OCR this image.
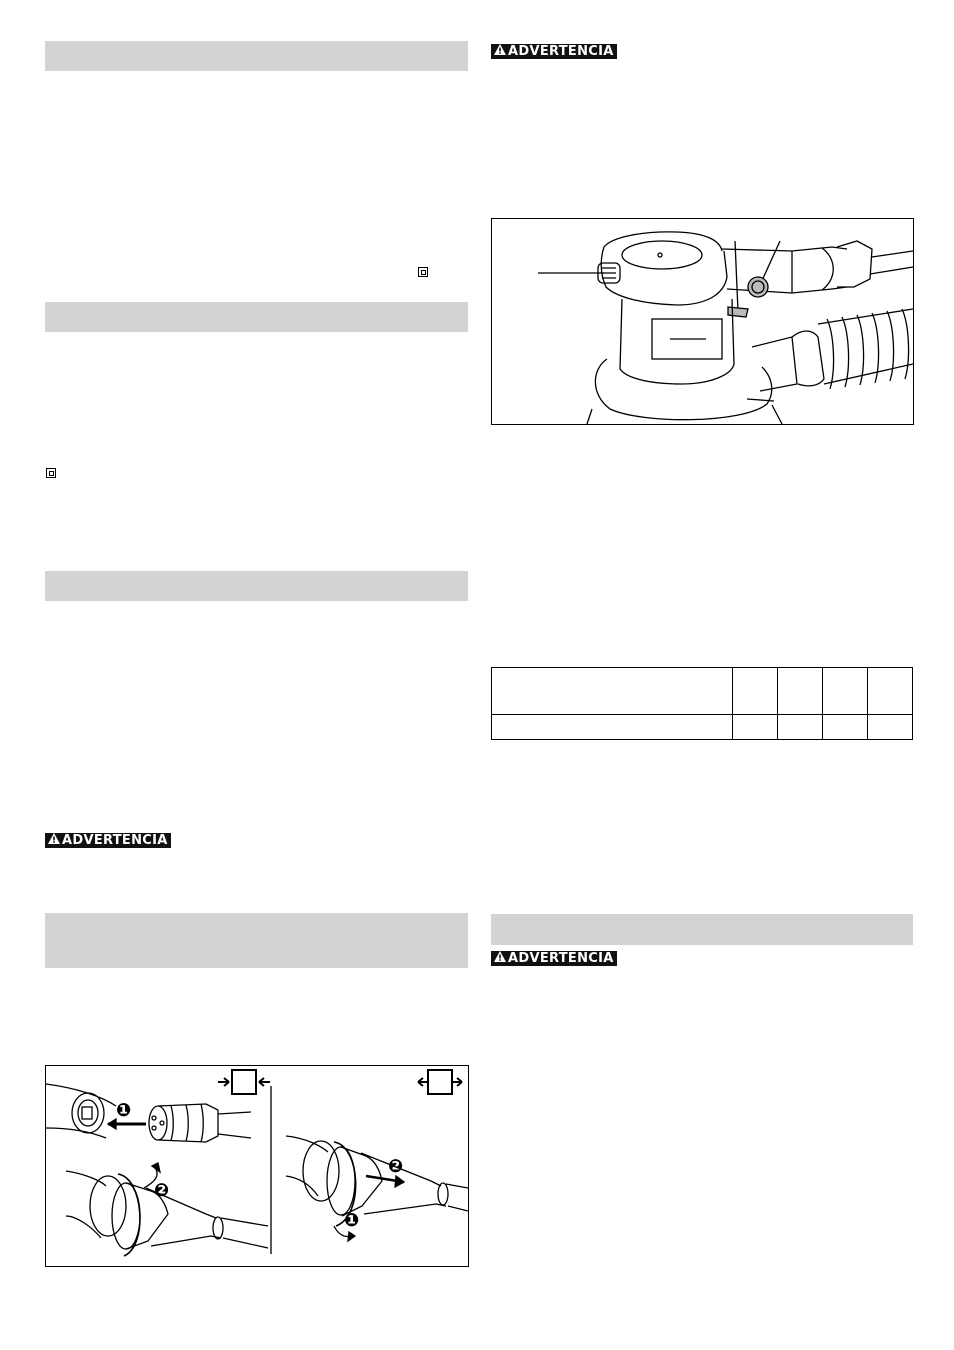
ADVERTENCIA
❶
❷
❶
❷
ADVERTENCIA

ADVERTENCIA
